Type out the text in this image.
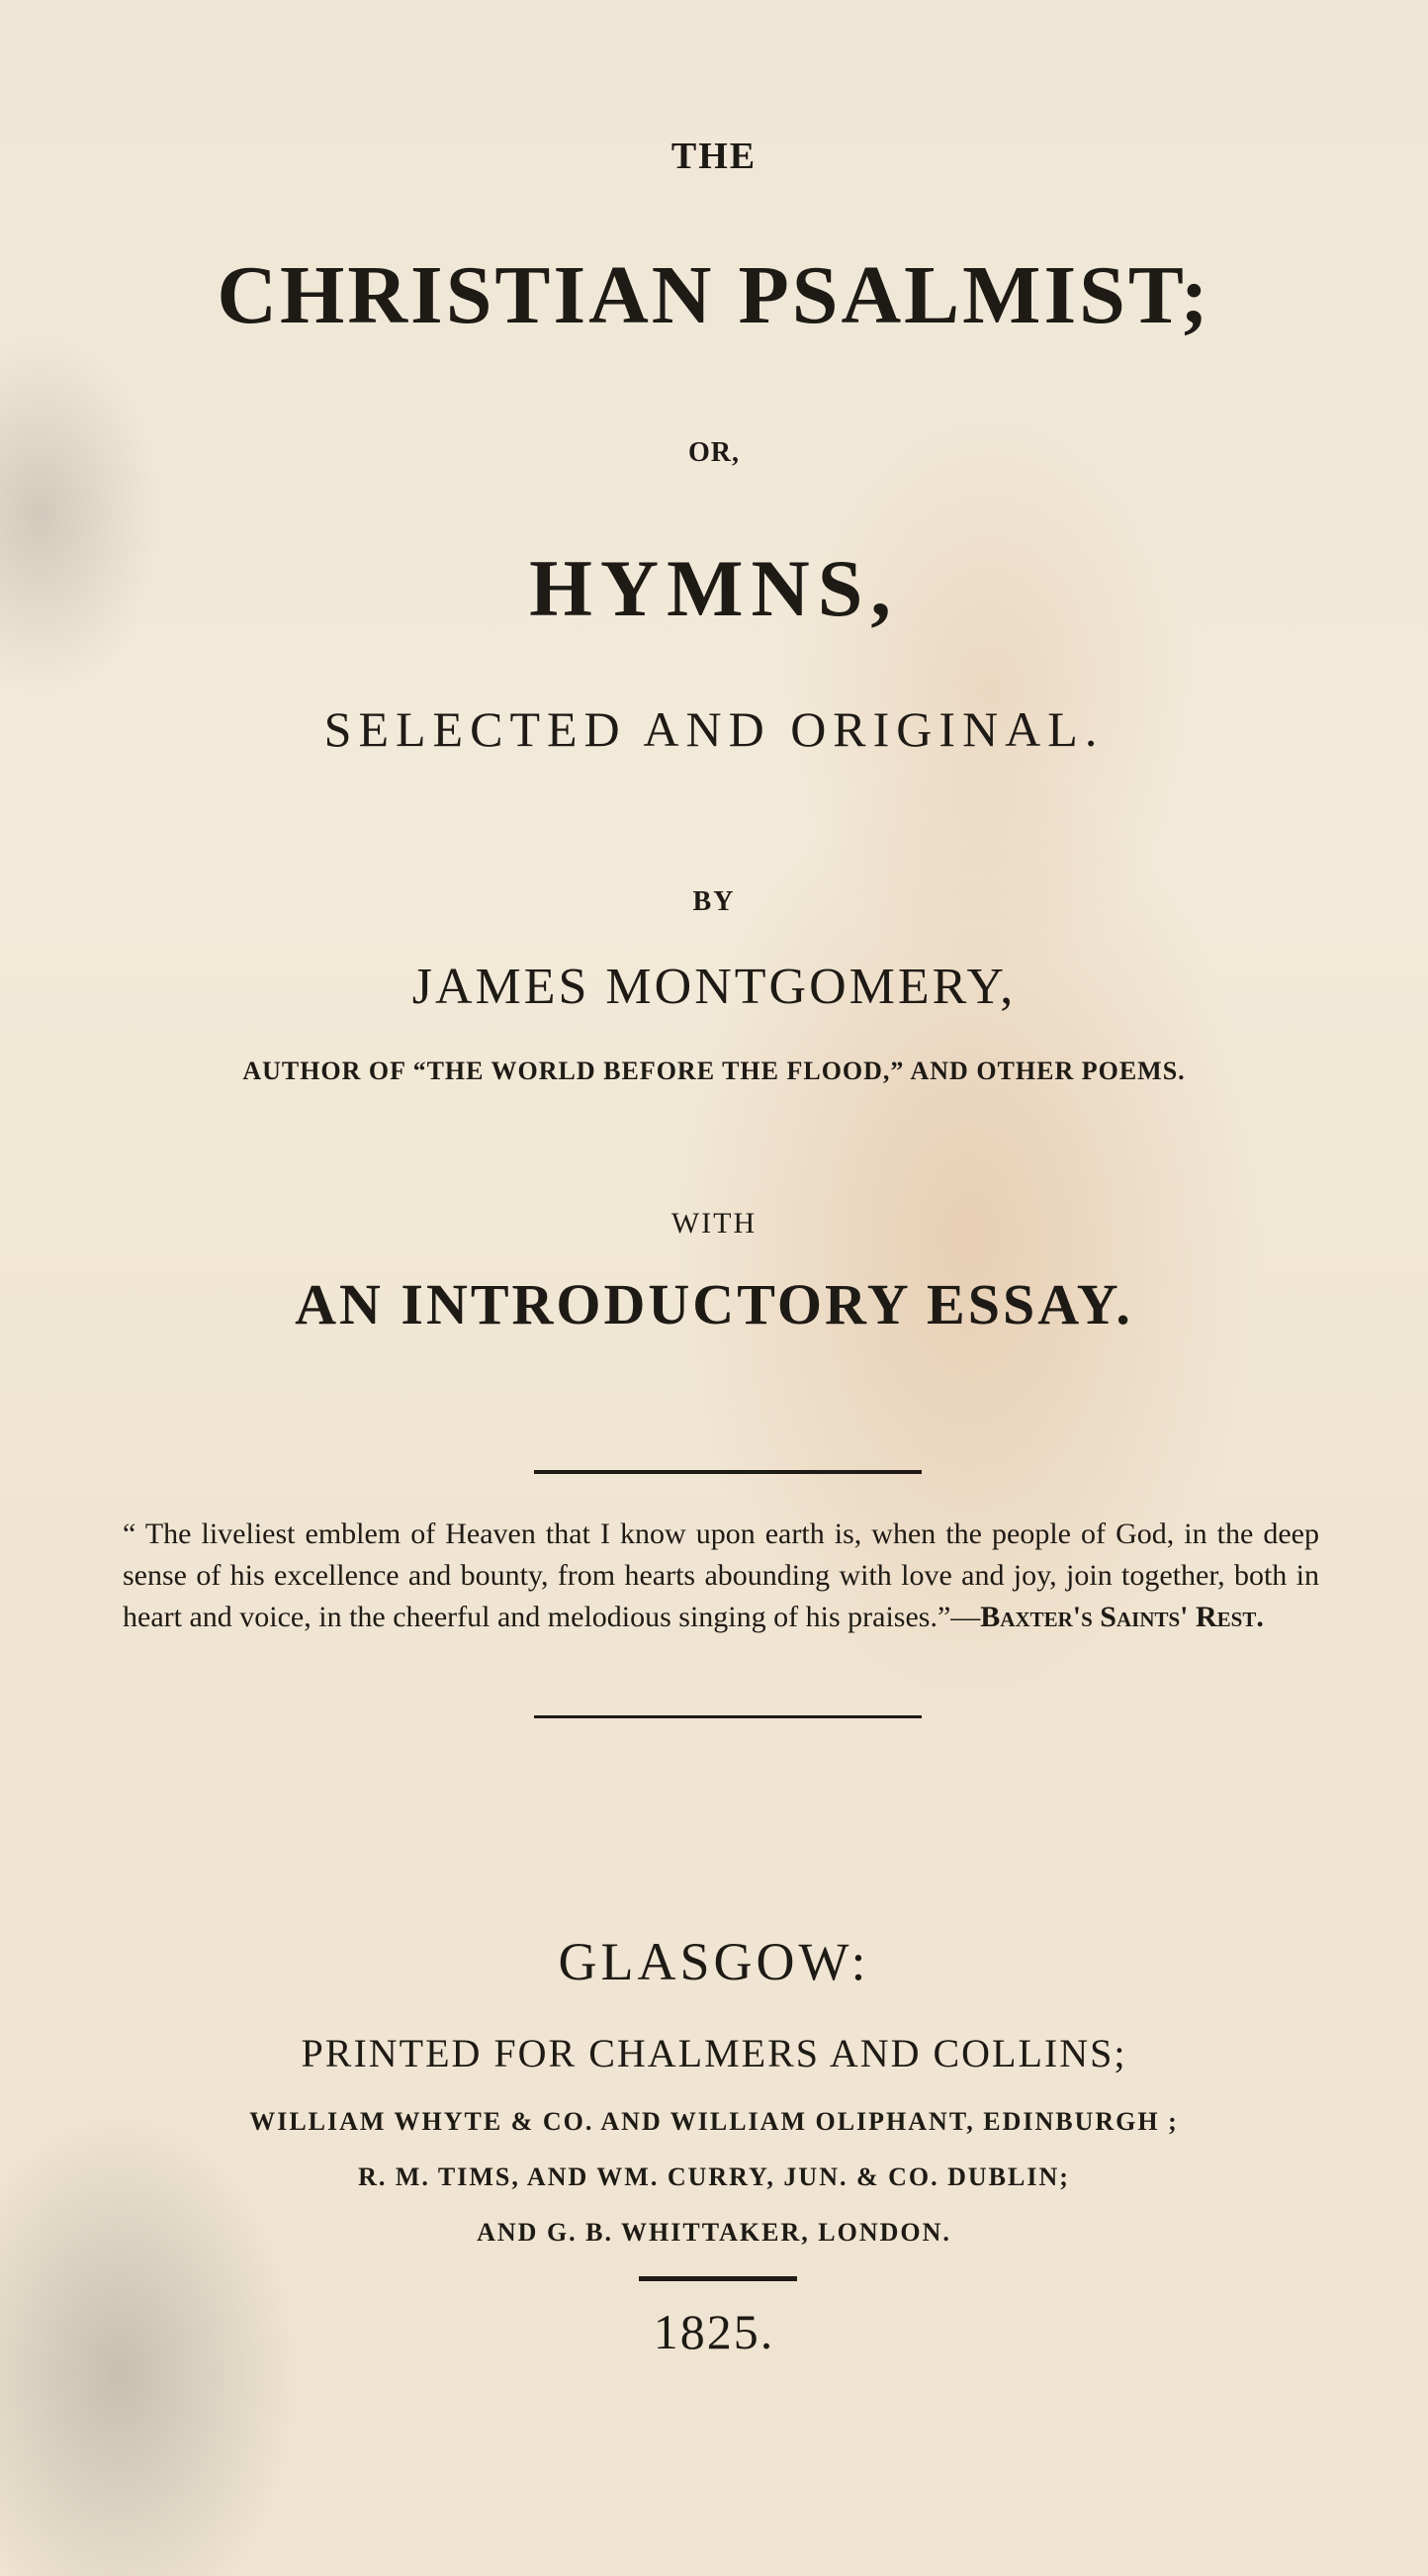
THE

CHRISTIAN PSALMIST;

OR,

HYMNS,

SELECTED AND ORIGINAL.

BY

JAMES MONTGOMERY,

AUTHOR OF “THE WORLD BEFORE THE FLOOD,” AND OTHER POEMS.

WITH

AN INTRODUCTORY ESSAY.

“ The liveliest emblem of Heaven that I know upon earth is, when the people of God, in the deep sense of his excellence and bounty, from hearts abounding with love and joy, join together, both in heart and voice, in the cheerful and melodious singing of his praises.”—Baxter's Saints' Rest.

GLASGOW:

PRINTED FOR CHALMERS AND COLLINS;

WILLIAM WHYTE & CO. AND WILLIAM OLIPHANT, EDINBURGH ;

R. M. TIMS, AND WM. CURRY, JUN. & CO. DUBLIN;

AND G. B. WHITTAKER, LONDON.

1825.
